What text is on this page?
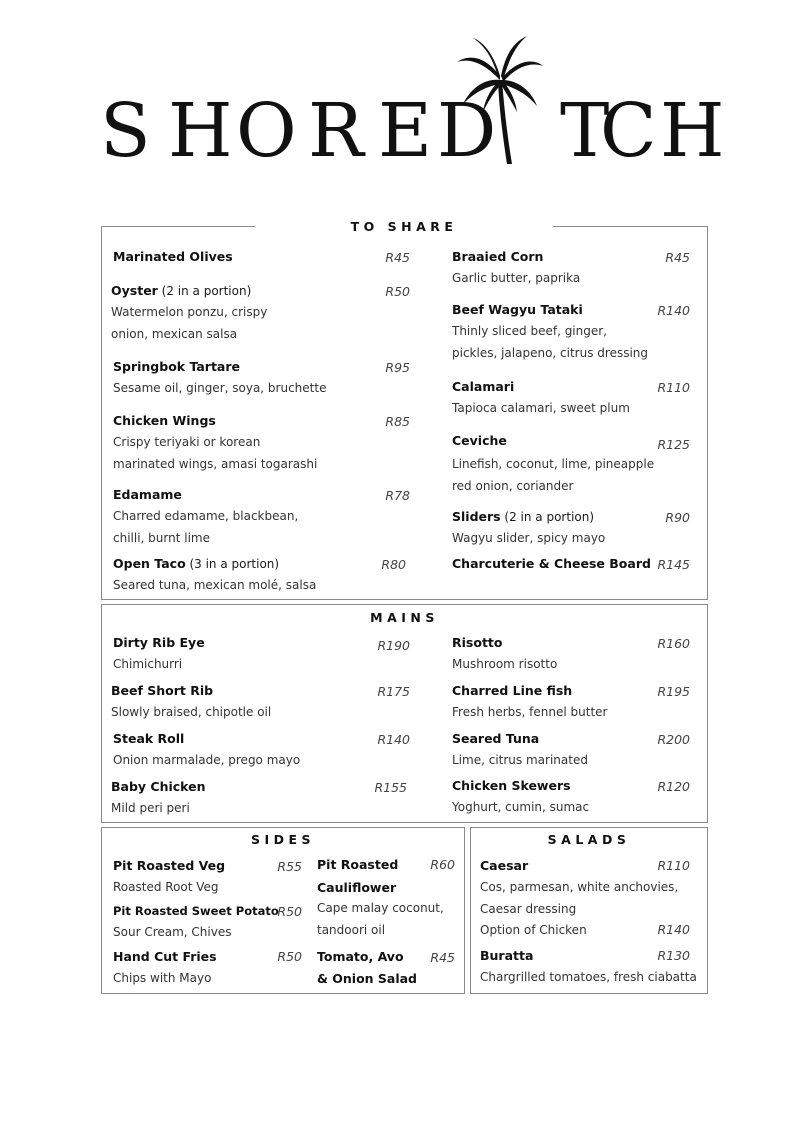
S H O R E D T
C H
TO SHARE
Marinated Olives	R45
Oyster (2 in a portion)
Watermelon ponzu, crispy
onion, mexican salsa
R50
Springbok Tartare
Sesame oil, ginger, soya, bruchette
R95
Chicken Wings
Crispy teriyaki or korean
marinated wings, amasi togarashi
R85
Edamame
Charred edamame, blackbean,
chilli, burnt lime
R78
Open Taco (3 in a portion)
Seared tuna, mexican molé, salsa
R80
Braaied Corn
Garlic butter, paprika
R45
Beef Wagyu Tataki
Thinly sliced beef, ginger,
pickles, jalapeno, citrus dressing
R140
Calamari
Tapioca calamari, sweet plum
R110
Ceviche
Linefish, coconut, lime, pineapple
red onion, coriander
R125
Sliders (2 in a portion)
Wagyu slider, spicy mayo
R90
Charcuterie & Cheese Board R145
MAINS
Dirty Rib Eye
Chimichurri
R190
Beef Short Rib
Slowly braised, chipotle oil
R175
Steak Roll
Onion marmalade, prego mayo
R140
Baby Chicken
Mild peri peri
R155
Risotto
Mushroom risotto
R160
Charred Line fish
Fresh herbs, fennel butter
R195
Seared Tuna
Lime, citrus marinated
R200
Chicken Skewers
Yoghurt, cumin, sumac
R120
SIDES
Pit Roasted Veg
Roasted Root Veg
R55
Pit Roasted Sweet Potato
Sour Cream, Chives
R50
Hand Cut Fries
Chips with Mayo
R50
Pit Roasted
Cauliflower
Cape malay coconut,
tandoori oil
R60
Tomato, Avo
& Onion Salad
R45
SALADS
Caesar
Cos, parmesan, white anchovies,
Caesar dressing
Option of Chicken
R110
R140
Buratta
Chargrilled tomatoes, fresh ciabatta
R130
